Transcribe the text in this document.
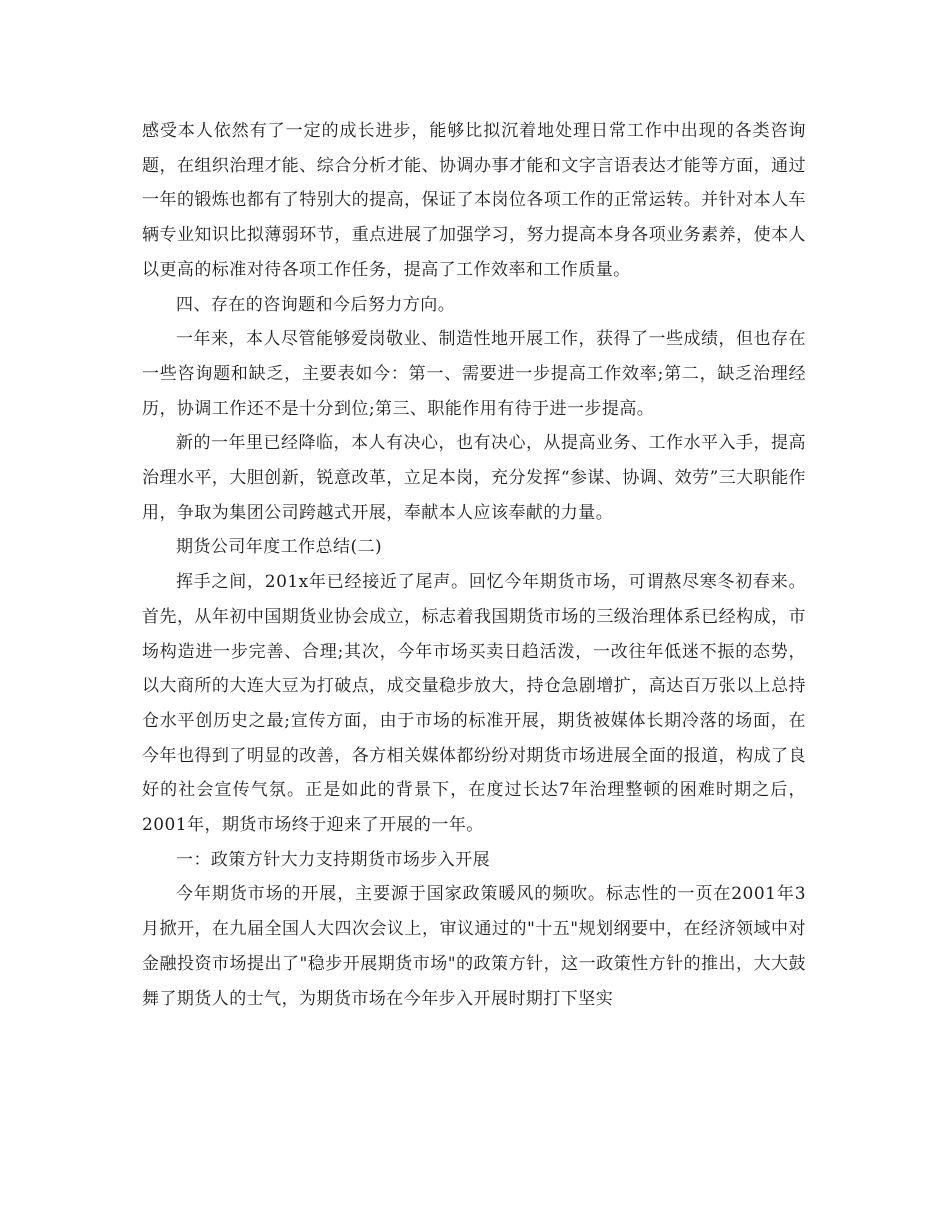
感受本人依然有了一定的成长进步，能够比拟沉着地处理日常工作中出现的各类咨询题，在组织治理才能、综合分析才能、协调办事才能和文字言语表达才能等方面，通过一年的锻炼也都有了特别大的提高，保证了本岗位各项工作的正常运转。并针对本人车辆专业知识比拟薄弱环节，重点进展了加强学习，努力提高本身各项业务素养，使本人以更高的标准对待各项工作任务，提高了工作效率和工作质量。

四、存在的咨询题和今后努力方向。

一年来，本人尽管能够爱岗敬业、制造性地开展工作，获得了一些成绩，但也存在一些咨询题和缺乏，主要表如今：第一、需要进一步提高工作效率;第二，缺乏治理经历，协调工作还不是十分到位;第三、职能作用有待于进一步提高。

新的一年里已经降临，本人有决心，也有决心，从提高业务、工作水平入手，提高治理水平，大胆创新，锐意改革，立足本岗，充分发挥“参谋、协调、效劳”三大职能作用，争取为集团公司跨越式开展，奉献本人应该奉献的力量。

期货公司年度工作总结(二)

挥手之间，201x年已经接近了尾声。回忆今年期货市场，可谓熬尽寒冬初春来。首先，从年初中国期货业协会成立，标志着我国期货市场的三级治理体系已经构成，市场构造进一步完善、合理;其次，今年市场买卖日趋活泼，一改往年低迷不振的态势，以大商所的大连大豆为打破点，成交量稳步放大，持仓急剧增扩，高达百万张以上总持仓水平创历史之最;宣传方面，由于市场的标准开展，期货被媒体长期冷落的场面，在今年也得到了明显的改善，各方相关媒体都纷纷对期货市场进展全面的报道，构成了良好的社会宣传气氛。正是如此的背景下，在度过长达7年治理整顿的困难时期之后，2001年，期货市场终于迎来了开展的一年。

一：政策方针大力支持期货市场步入开展

今年期货市场的开展，主要源于国家政策暖风的频吹。标志性的一页在2001年3月掀开，在九届全国人大四次会议上，审议通过的"十五"规划纲要中，在经济领域中对金融投资市场提出了"稳步开展期货市场"的政策方针，这一政策性方针的推出，大大鼓舞了期货人的士气，为期货市场在今年步入开展时期打下坚实
